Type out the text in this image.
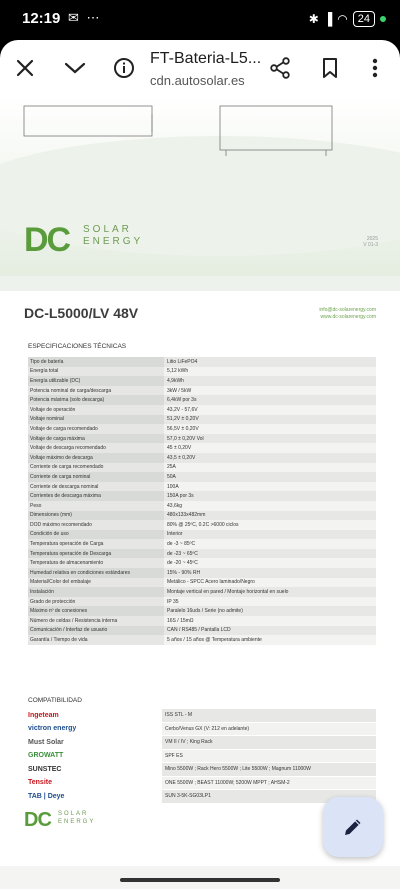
12:19 ✉ ⋯	✱ ▐ ◠ 24
FT-Bateria-L5...
cdn.autosolar.es
DC SOLAR
ENERGY	2025
V 01-3
DC-L5000/LV 48V	info@dc-solarenergy.com
www.dc-solarenergy.com
ESPECIFICACIONES TÉCNICAS
Tipo de batería	Litio LiFePO4
Energía total	5,12 kWh
Energía utilizable (DC)	4,9kWh
Potencia nominal de carga/descarga	3kW / 5kW
Potencia máxima (solo descarga)	6,4kW por 3s
Voltaje de operación	43,2V - 57,6V
Voltaje nominal	51,2V ± 0,20V
Voltaje de carga recomendado	56,5V ± 0,20V
Voltaje de carga máxima	57,0 ± 0,20V Vol
Voltaje de descarga recomendado	45 ± 0,20V
Voltaje máximo de descarga	43,5 ± 0,20V
Corriente de carga recomendado	25A
Corriente de carga nominal	50A
Corriente de descarga nominal	100A
Corrientes de descarga máxima	150A por 3s
Peso	43,6kg
Dimensiones (mm)	480x133x482mm
DOD máximo recomendado	80% @ 25ºC, 0.2C >6000 ciclos
Condición de uso	Interior
Temperatura operación de Carga	de -3 ~ 85ºC
Temperatura operación de Descarga	de -23 ~ 65ºC
Temperatura de almacenamiento	de -20 ~ 45ºC
Humedad relativa en condiciones estándares	15% - 90% RH
Material/Color del embalaje	Metálico - SPCC Acero laminado/Negro
Instalación	Montaje vertical en pared / Montaje horizontal en suelo
Grado de protección	IP 35
Máximo nº de conexiones	Paralelo 16uds / Serie (no admite)
Número de celdas / Resistencia interna	16S / 15mΩ
Comunicación / Interfaz de usuario	CAN / RS485 / Pantalla LCD
Garantía / Tiempo de vida	5 años / 15 años @ Temperatura ambiente
COMPATIBILIDAD
Ingeteam	ISS STL - M
victron energy	Cerbo/Venus GX (V: 212 en adelante)
Must Solar	VM II / IV ; King Rack
GROWATT	SPF ES
SUNSTEC	Mino 5500W ; Rack Hero 5500W ; Lite 5500W ; Magnum 11000W
Tensite	ONE 5500W ; BEAST 11000W; 5200W MPPT ; AHSM-2
TAB | Deye	SUN 3-5K-SG03LP1
DC SOLAR
ENERGY
